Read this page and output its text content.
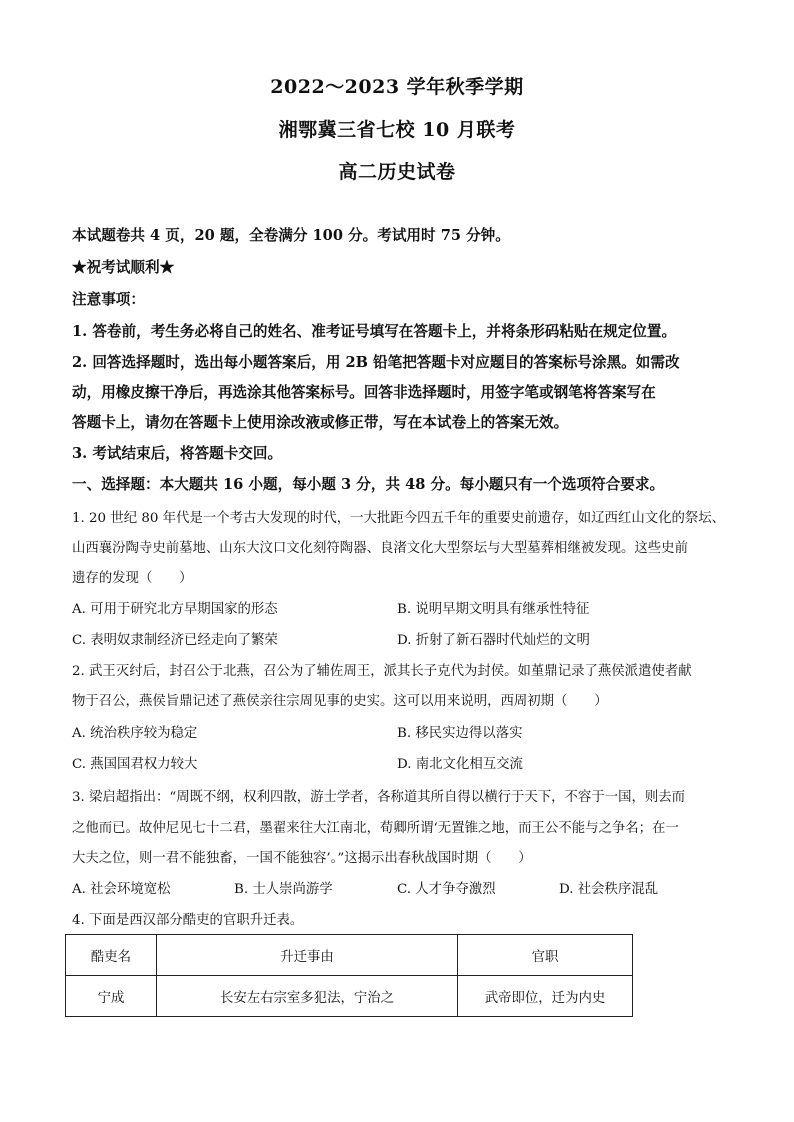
2022～2023 学年秋季学期
湘鄂冀三省七校 10 月联考
高二历史试卷
本试题卷共 4 页，20 题，全卷满分 100 分。考试用时 75 分钟。
★祝考试顺利★
注意事项：
1. 答卷前，考生务必将自己的姓名、准考证号填写在答题卡上，并将条形码粘贴在规定位置。
2. 回答选择题时，选出每小题答案后，用 2B 铅笔把答题卡对应题目的答案标号涂黑。如需改
动，用橡皮擦干净后，再选涂其他答案标号。回答非选择题时，用签字笔或钢笔将答案写在
答题卡上，请勿在答题卡上使用涂改液或修正带，写在本试卷上的答案无效。
3. 考试结束后，将答题卡交回。
一、选择题：本大题共 16 小题，每小题 3 分，共 48 分。每小题只有一个选项符合要求。
1. 20 世纪 80 年代是一个考古大发现的时代，一大批距今四五千年的重要史前遗存，如辽西红山文化的祭坛、
山西襄汾陶寺史前墓地、山东大汶口文化刻符陶器、良渚文化大型祭坛与大型墓葬相继被发现。这些史前
遗存的发现（　　）
A. 可用于研究北方早期国家的形态	B. 说明早期文明具有继承性特征
C. 表明奴隶制经济已经走向了繁荣	D. 折射了新石器时代灿烂的文明
2. 武王灭纣后，封召公于北燕，召公为了辅佐周王，派其长子克代为封侯。如堇鼎记录了燕侯派遣使者献
物于召公，燕侯旨鼎记述了燕侯亲往宗周见事的史实。这可以用来说明，西周初期（　　）
A. 统治秩序较为稳定	B. 移民实边得以落实
C. 燕国国君权力较大	D. 南北文化相互交流
3. 梁启超指出：“周既不纲，权利四散，游士学者，各称道其所自得以横行于天下，不容于一国，则去而
之他而已。故仲尼见七十二君，墨翟来往大江南北，荀卿所谓‘无置锥之地，而王公不能与之争名；在一
大夫之位，则一君不能独畜，一国不能独容’。”这揭示出春秋战国时期（　　）
A. 社会环境宽松	B. 士人崇尚游学	C. 人才争夺激烈	D. 社会秩序混乱
4. 下面是西汉部分酷吏的官职升迁表。
酷吏名	升迁事由	官职
宁成	长安左右宗室多犯法，宁治之	武帝即位，迁为内史
